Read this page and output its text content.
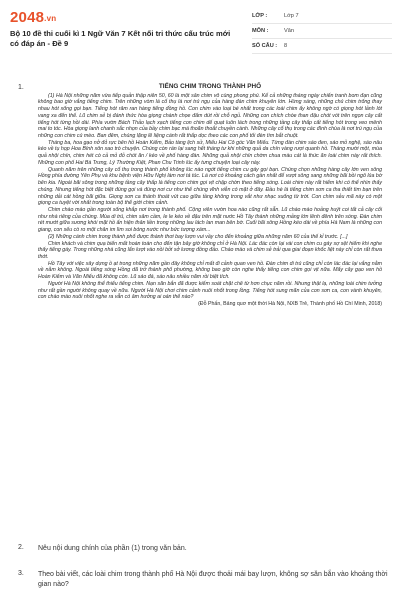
2048.vn
Bộ 10 đề thi cuối kì 1 Ngữ Văn 7 Kết nối tri thức cấu trúc mới có đáp án - Đề 9
LỚP :	Lớp 7
MÔN :	Văn
SỐ CÂU :	8
1.	TIẾNG CHIM TRONG THÀNH PHỐ

(1) Hà Nội những năm vừa tiếp quản thập niên 50, 60 là một sân chim vô cùng phong phú. Kể cả những tháng ngày chiến tranh bom đạn cũng không bao giờ vắng tiếng chim. Trên những vòm lá cổ thụ là nơi trú ngụ của hàng đàn chim khuyên lớn. Hừng sáng, những chú chim trống thay nhau hót xống gọi bạn. Tiếng hót râm ran hàng tiếng đồng hồ. Con chim vào loại bé nhất trong các loài chim ấy không ngờ có giọng hót lảnh lót vang xa đến thế. Lũ chim sẻ bị đánh thức hòa giọng chành chọe đấm dứt rồi chỗ ngủ. Những con chích chòe than đậu chót vót trên ngọn cây cất tiếng hót từng hồi dài. Phía vườn Bách Thảo lạch xạch tiếng con chim dế quạt luôn lách trong những tầng cây thấp cất tiếng hót trong veo mênh mai to tóc. Hòa giọng lanh chanh sắc nhọn của bầy chim bạc má thoăn thoắt chuyền cành. Những cây cổ thụ trong các đình chùa là nơi trú ngụ của những con chim cú mèo. Ban đêm, chúng lặng lẽ liệng cánh rất thấp dọc theo các con phố tối đèn tìm bắt chuột.

Tháng ba, hoa gạo nở đỏ rực bên hồ Hoàn Kiếm, Bảo tàng lịch sử, Miếu Hai Cô góc Văn Miếu. Từng đàn chim sáo đen, sáo mỏ nghệ, sáo nâu kéo về tụ họp Hoa Bính xôn xao trò chuyện. Chúng còn rán lại sang hết tháng tư khi những quả da chín vàng rượi quanh hồ. Tháng mười một, mùa quả nhội chín, chim hét cò cả mỏ đỏ chót ăn / kéo về phố hàng đàn. Những quả nhội chín chờm chua màu cát là thức ăn loài chim này rất thích. Những con phố Hai Bà Trưng, Lý Thường Kiệt, Phan Chu Trinh lúc ấy tưng chuyện loại cây này.

Quanh năm trên những cây cổ thụ trong thành phố không lúc nào ngớt tiếng chim cu gáy gọi bạn. Chúng chọn những hàng cây lớn ven sông Hồng phía đường Yên Phụ và khu bệnh viện Hữu Nghị làm nơi tá túc. Lá nơi có khoảng cách gần nhất để vượt sông sang những bãi bồi ngô lúa bờ bên kia. Ngoài bãi sông trong những tầng cây thấp là tiếng con chim gọi vịt chập chờn theo tiếng sóng. Loài chim này rất hiếm khi có thể nhìn thấy chúng. Nhưng tiếng hót đặc biệt đúng gọi và đúng nơi cư như thế chúng vĩnh viễn có mặt ở đây. Đầu hè là tiếng chim sơn ca tha thiết tìm bạn trên những dải cát hồng bãi giữa. Giọng sơn ca thánh thoát vút cao giữa tầng không trong vắt như nhạc xuống từ trời. Con chim sẻu mã này có một giọng ca tuyệt vời nhất trong toàn bộ thế giới chim cảnh.

Chim chào mào gần người sống khắp nơi trong thành phố. Cộng viên vườn hoa nào cũng rất sẵn. Lũ chào mào hoảng huýt coi tất cả cây cối như nhà riêng của chúng. Mùa di trú, chim sâm cầm, le le kéo về đậu trên mặt nước Hồ Tây thành những mảng lớn lênh đênh trên sóng. Đàn chim rét mướt giữa sương khói mặt hồ ẩn hiện thân liền trong những lau lách lan man bên bờ. Cuối bãi sông Hồng kéo dài về phía Hà Nam là những con giang, con sếu cò ro một chân im lìm soi bóng nước như bức tượng xám...

(2) Những cánh chim trong thành phố được thành thơi bay lượn vui vầy cho đến khoảng giữa những năm 60 của thế kỉ trước. [...]

Chim khách và chim quạ biến mất hoàn toàn cho đến tận bây giờ không chỉ ở Hà Nội. Lác đác còn lại vài con chim cu gáy sợ sệt hiếm khi nghe thấy tiếng gáy. Trong những nhà cũng lẩn lượt vào nồi bởi sở lương đồng đảo. Chào mào và chim sẻ trải qua giai đoạn khốc liệt này chỉ còn rất thưa thớt.

Hồ Tây với việc xây dựng ồ ạt trong những năm gần đây không chỉ mất đi cảnh quan ven hồ. Đàn chim di trú cũng chỉ còn lác đác lại vắng nằm về nằm không. Ngoài tiếng sóng Hồng dã trở thành phố phường, không bao giờ còn nghe thấy tiếng con chim gọi vịt nữa. Mấy cây gạo ven hồ Hoàn Kiếm và Văn Miếu đã không còn. Lũ sáo đá, sáo nâu nhiều năm rồi biệt tích.

Người Hà Nội không thể thiếu tiếng chim. Nạn săn bắn đã được kiểm soát chặt chẽ từ hơn chục năm rồi. Nhưng thật lạ, những loài chim tưởng như rất gần người không quay về nữa. Người Hà Nội chơi chim cảnh nuôi nhốt trong lồng. Tiếng hót sung mãn của con sơn ca, con vành khuyên, con chào mào nuôi nhốt nghe ra vẫn có âm hưởng ai oán thế nào?

(Đỗ Phấn, Bảng quơ một thời Hà Nội, NXB Trẻ, Thành phố Hồ Chí Minh, 2018)
2. Nêu nội dung chính của phần (1) trong văn bản.
3. Theo bài viết, các loài chim trong thành phố Hà Nội được thoải mái bay lượn, không sợ săn bắn vào khoảng thời gian nào?
